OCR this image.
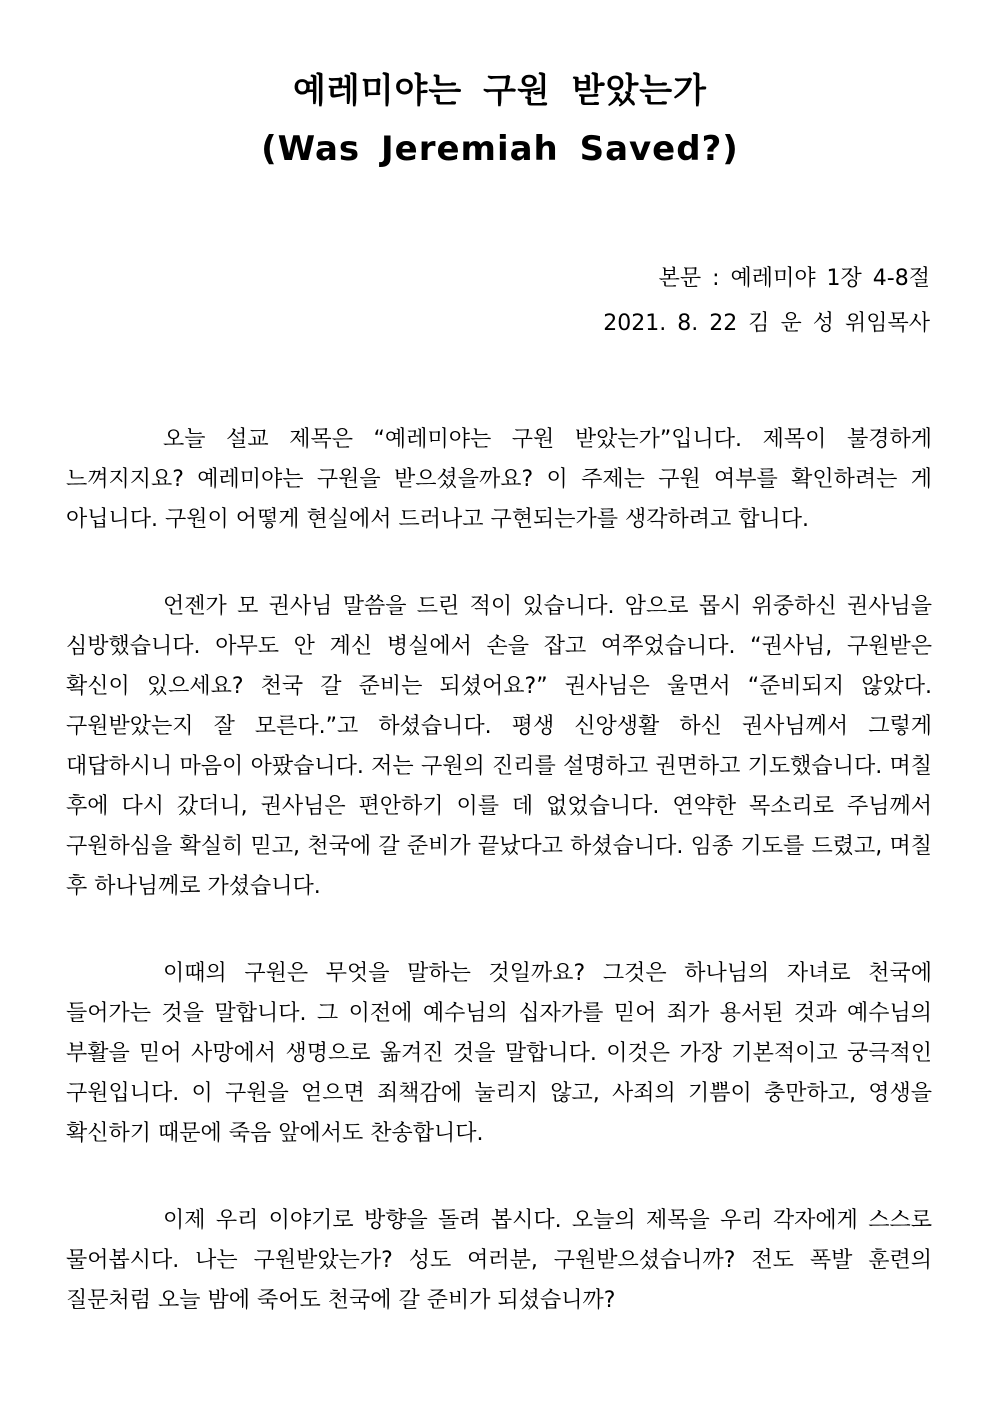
예레미야는 구원 받았는가

(Was Jeremiah Saved?)

본문 : 예레미야 1장 4-8절

2021. 8. 22 김 운 성 위임목사

오늘 설교 제목은 “예레미야는 구원 받았는가”입니다. 제목이 불경하게 느껴지지요? 예레미야는 구원을 받으셨을까요? 이 주제는 구원 여부를 확인하려는 게 아닙니다. 구원이 어떻게 현실에서 드러나고 구현되는가를 생각하려고 합니다.

언젠가 모 권사님 말씀을 드린 적이 있습니다. 암으로 몹시 위중하신 권사님을 심방했습니다. 아무도 안 계신 병실에서 손을 잡고 여쭈었습니다. “권사님, 구원받은 확신이 있으세요? 천국 갈 준비는 되셨어요?” 권사님은 울면서 “준비되지 않았다. 구원받았는지 잘 모른다.”고 하셨습니다. 평생 신앙생활 하신 권사님께서 그렇게 대답하시니 마음이 아팠습니다. 저는 구원의 진리를 설명하고 권면하고 기도했습니다. 며칠 후에 다시 갔더니, 권사님은 편안하기 이를 데 없었습니다. 연약한 목소리로 주님께서 구원하심을 확실히 믿고, 천국에 갈 준비가 끝났다고 하셨습니다. 임종 기도를 드렸고, 며칠 후 하나님께로 가셨습니다.

이때의 구원은 무엇을 말하는 것일까요? 그것은 하나님의 자녀로 천국에 들어가는 것을 말합니다. 그 이전에 예수님의 십자가를 믿어 죄가 용서된 것과 예수님의 부활을 믿어 사망에서 생명으로 옮겨진 것을 말합니다. 이것은 가장 기본적이고 궁극적인 구원입니다. 이 구원을 얻으면 죄책감에 눌리지 않고, 사죄의 기쁨이 충만하고, 영생을 확신하기 때문에 죽음 앞에서도 찬송합니다.

이제 우리 이야기로 방향을 돌려 봅시다. 오늘의 제목을 우리 각자에게 스스로 물어봅시다. 나는 구원받았는가? 성도 여러분, 구원받으셨습니까? 전도 폭발 훈련의 질문처럼 오늘 밤에 죽어도 천국에 갈 준비가 되셨습니까?
